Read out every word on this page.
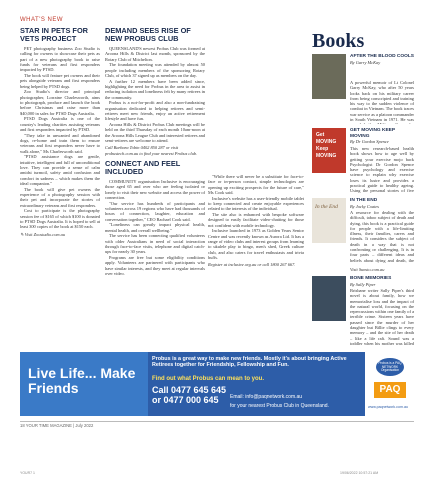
WHAT'S NEW
STAR IN PETS FOR VETS PROJECT

PET photography business Zoo Studio is calling for owners to showcase their pets as part of a new photography book to raise funds for veterans and first responders impacted by PTSD.

The book will feature pet owners and their pets alongside veterans and first responders being helped by PTSD dogs.

Zoo Studio's director and principal photographer, Lorraine Charlesworth, aims to photograph, produce and launch the book before Christmas and raise more than $40,000 in sales for PTSD Dogs Australia.

PTSD Dogs Australia is one of the country's leading charities assisting veterans and first responders impacted by PTSD.

"They take in unwanted and abandoned dogs, re-home and train them to ensure veterans and first responders never have to walk alone," Ms Charlesworth said.

"PTSD assistance dogs are gentle, intuitive, intelligent and full of unconditional love. They can provide a sense of calm amidst turmoil, safety amid confusion and comfort in sadness – which makes them the ideal companion."

The book will give pet owners the experience of a photography session with their pet and incorporate the stories of extraordinary veterans and first responders.

Cost to participate is the photography session fee of $165 of which $100 is donated to PTSD Dogs Australia. It is hoped to sell at least 300 copies of the book at $150 each.

✎ Visit Zoostudio.com.au

DEMAND SEES RISE OF NEW PROBUS CLUB

QUEENSLAND'S newest Probus Club was formed at Aroona Hills & District last month, sponsored by the Rotary Club of Mitchelton.

The foundation meeting was attended by almost 50 people including members of the sponsoring Rotary Club, of which 37 signed up as members on the day.

A further 12 members have been added since, highlighting the need for Probus in the area to assist in reducing isolation and loneliness felt by many retirees in the community.

Probus is a not-for-profit and also a non-fundraising organisation dedicated to helping retirees and semi-retirees meet new friends, enjoy an active retirement lifestyle and have fun.

Aroona Hills & District Probus Club meetings will be held on the third Thursday of each month 10am-noon at the Aroona Hills League Club and interested retirees and semi-retirees are welcome to attend.

Call Barbara Tobin 0402 850 287 or visit probustech.com.au to find your nearest Probus club.

CONNECT AND FEEL INCLUDED

COMMUNITY organisation Inclusive is encouraging those aged 65 and over who are feeling isolated or lonely to visit their new website and access the power of connection.

"Our service has hundreds of participants and volunteers across 19 regions who have had thousands of hours of connection, laughter, education and conversation together," CEO Rachael Cook said.

"Loneliness can greatly impact physical health, mental health, and overall wellbeing."

The service has been connecting qualified volunteers with older Australians in need of social interaction through face-to-face visits, telephone and digital catch-ups for nearly 30 years.

Programs are free but some eligibility conditions apply. Volunteers are partnered with participants who have similar interests, and they meet at regular intervals over video.

"While there will never be a substitute for face-to-face or in-person contact, simple technologies are opening up exciting prospects for the future of care," Ms Cook said.

Inclusive's website has a user-friendly mobile tablet to keep connected and create enjoyable experiences related to the interests of the individual.

The site also is enhanced with bespoke software designed to easily facilitate video-chatting for those not confident with mobile technology.

Inclusive launched in 1973 as Golden Years Senior Centre and was recently known as Aurora Ltd. It has a range of video clubs and interest groups from learning to ukulele play to bingo, men's shed, Greek culture club, and also caters for travel enthusiasts and trivia buffs.

Register at inclusive.org.au or call 1800 267 667.

Books
AFTER THE BLOOD COOLS
By Garry McKay
A powerful memoir of Lt Colonel Garry McKay, who after 50 years looks back on his military career from being conscripted and training his way to the sudden violence of combat in Vietnam. The book traces war service as a platoon commander in South Vietnam in 1971. He was
Get MOVING Keep MOVING
GET MOVING KEEP MOVING
By Dr Gordon Spence
This new research-based health book shows how to age well by getting your exercise mojo back Psychologist Dr Gordon Spence have psychology and exercise science to explain why exercise loses its lustre and provides a practical guide to healthy ageing. Using the personal stories of five
In the End
IN THE END
By Jacky Coates
A resource for dealing with the difficult, taboo subject of death and dying, this book is a practical guide for people with a life-limiting illness, their families, carers and friends. It considers the subject of death in a way that is not confronting or challenging. It is in four parts – different ideas and beliefs about dying and death, the

Visit Sunsto.com.au

BONE MEMORIES
By Sally Piper
Brisbane writer Sally Piper's third novel is about family, how we memorialise loss and the impact of the natural world, focusing on the repercussions within one family of a terrible crime. Sixteen years have passed since the murder of her daughter but Billie clings to every memory – and the site of her death – like a life raft. Sound was a toddler when his mother was killed
Live Life... Make Friends
Probus is a great way to make new friends. Mostly it's about bringing Active Retirees together for Friendship, Fellowship and Fun.
Find out what Probus can mean to you.
Call 0477 645 645
or 0477 000 645 Email: info@paqnetwork.com.au
for your nearest Probus Club in Queensland.
Probus is a PAQ NETWORK Organisation
PAQ
www.paqnetwork.com.au
18 YOUR TIME MAGAZINE | July 2022
YOUR7 1	19/06/2022 10:57:21 AM
